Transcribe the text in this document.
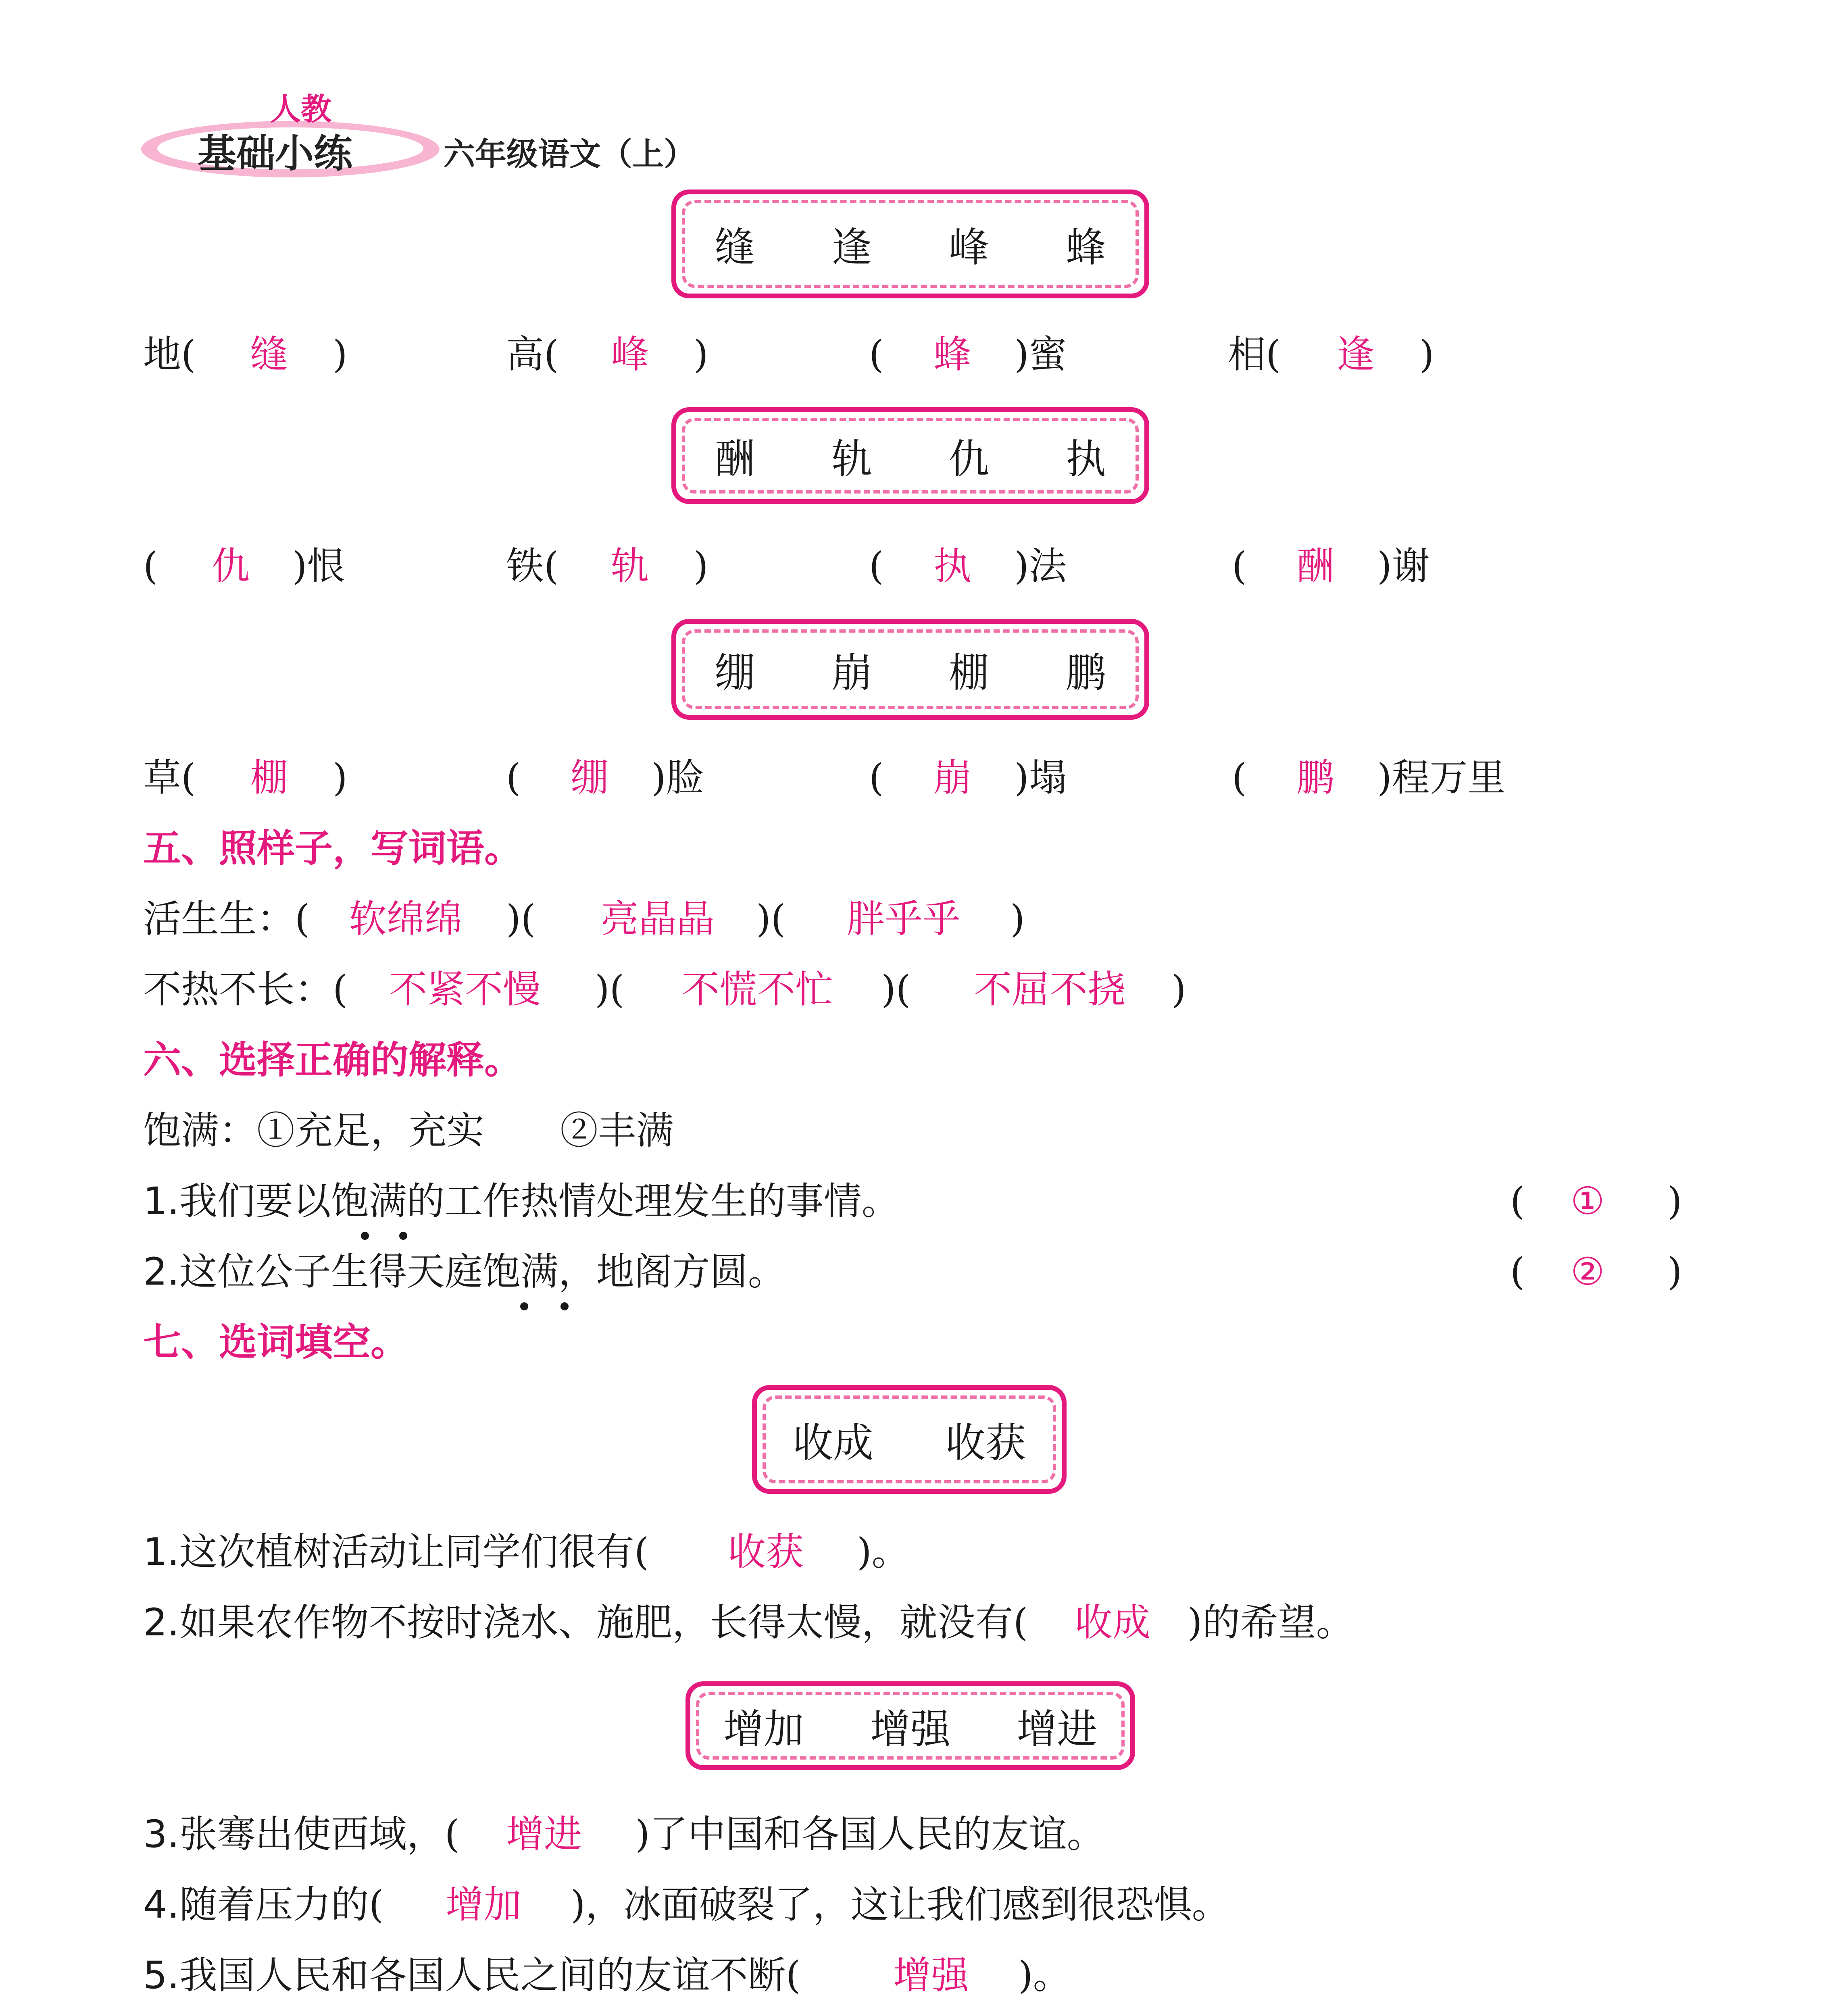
人教
基础小练	六年级语文（上）
缝 逢 峰 蜂
地( 缝 )	高( 峰 )	( 蜂 )蜜	相( 逢 )
酬 轨 仇 执
( 仇 )恨	铁( 轨 )	( 执 )法	( 酬 )谢
绷 崩 棚 鹏
草( 棚 )	( 绷 )脸	( 崩 )塌	( 鹏 )程万里
五、照样子，写词语。
活生生：( 软绵绵 )( 亮晶晶 )( 胖乎乎 )
不热不长：( 不紧不慢 )( 不慌不忙 )( 不屈不挠 )
六、选择正确的解释。
饱满：①充足，充实　　②丰满
1.我们要以饱满的工作热情处理发生的事情。	( ① )
2.这位公子生得天庭饱满，地阁方圆。	( ② )
七、选词填空。
收成 收获
1.这次植树活动让同学们很有( 收获 )。
2.如果农作物不按时浇水、施肥，长得太慢，就没有( 收成 )的希望。
增加 增强 增进
3.张骞出使西域，( 增进 )了中国和各国人民的友谊。
4.随着压力的( 增加 )，冰面破裂了，这让我们感到很恐惧。
5.我国人民和各国人民之间的友谊不断( 增强 )。
